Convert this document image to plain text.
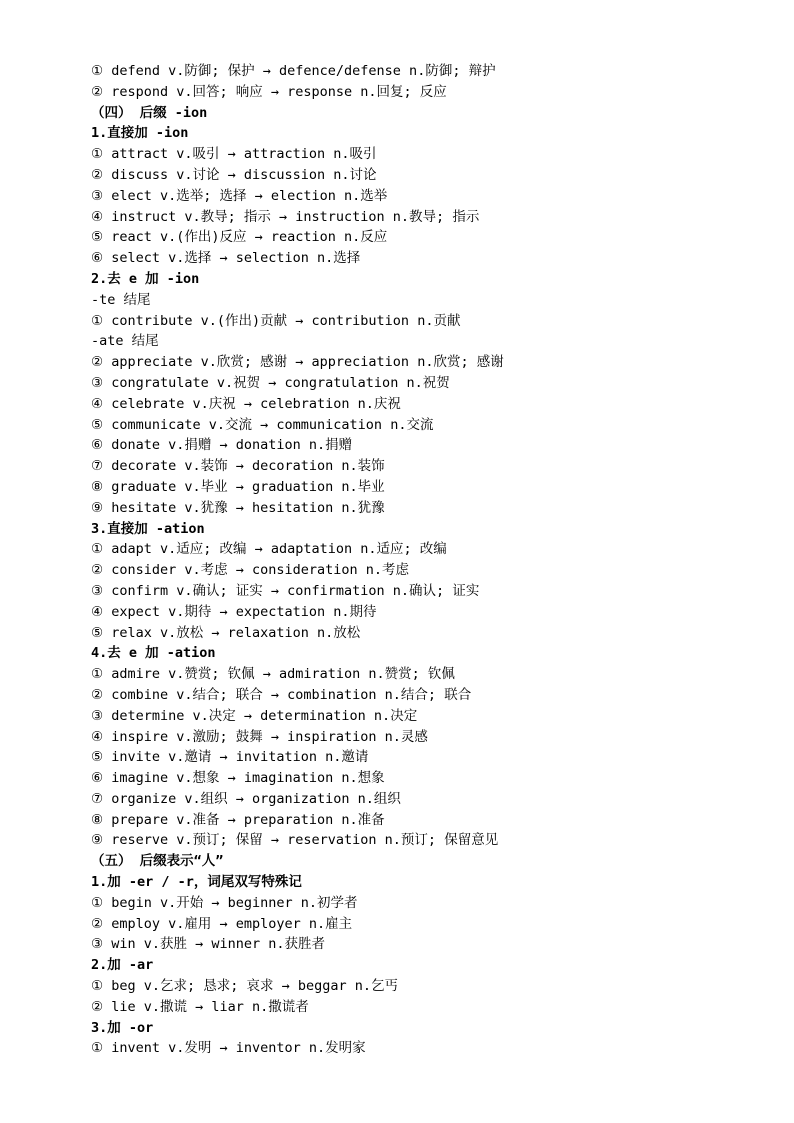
① defend v.防御; 保护 → defence/defense n.防御; 辩护
② respond v.回答; 响应 → response n.回复; 反应
（四） 后缀 -ion
1.直接加 -ion
① attract v.吸引 → attraction n.吸引
② discuss v.讨论 → discussion n.讨论
③ elect v.选举; 选择 → election n.选举
④ instruct v.教导; 指示 → instruction n.教导; 指示
⑤ react v.(作出)反应 → reaction n.反应
⑥ select v.选择 → selection n.选择
2.去 e 加 -ion
-te 结尾
① contribute v.(作出)贡献 → contribution n.贡献
-ate 结尾
② appreciate v.欣赏; 感谢 → appreciation n.欣赏; 感谢
③ congratulate v.祝贺 → congratulation n.祝贺
④ celebrate v.庆祝 → celebration n.庆祝
⑤ communicate v.交流 → communication n.交流
⑥ donate v.捐赠 → donation n.捐赠
⑦ decorate v.装饰 → decoration n.装饰
⑧ graduate v.毕业 → graduation n.毕业
⑨ hesitate v.犹豫 → hesitation n.犹豫
3.直接加 -ation
① adapt v.适应; 改编 → adaptation n.适应; 改编
② consider v.考虑 → consideration n.考虑
③ confirm v.确认; 证实 → confirmation n.确认; 证实
④ expect v.期待 → expectation n.期待
⑤ relax v.放松 → relaxation n.放松
4.去 e 加 -ation
① admire v.赞赏; 钦佩 → admiration n.赞赏; 钦佩
② combine v.结合; 联合 → combination n.结合; 联合
③ determine v.决定 → determination n.决定
④ inspire v.激励; 鼓舞 → inspiration n.灵感
⑤ invite v.邀请 → invitation n.邀请
⑥ imagine v.想象 → imagination n.想象
⑦ organize v.组织 → organization n.组织
⑧ prepare v.准备 → preparation n.准备
⑨ reserve v.预订; 保留 → reservation n.预订; 保留意见
（五） 后缀表示“人”
1.加 -er / -r，词尾双写特殊记
① begin v.开始 → beginner n.初学者
② employ v.雇用 → employer n.雇主
③ win v.获胜 → winner n.获胜者
2.加 -ar
① beg v.乞求; 恳求; 哀求 → beggar n.乞丐
② lie v.撒谎 → liar n.撒谎者
3.加 -or
① invent v.发明 → inventor n.发明家
